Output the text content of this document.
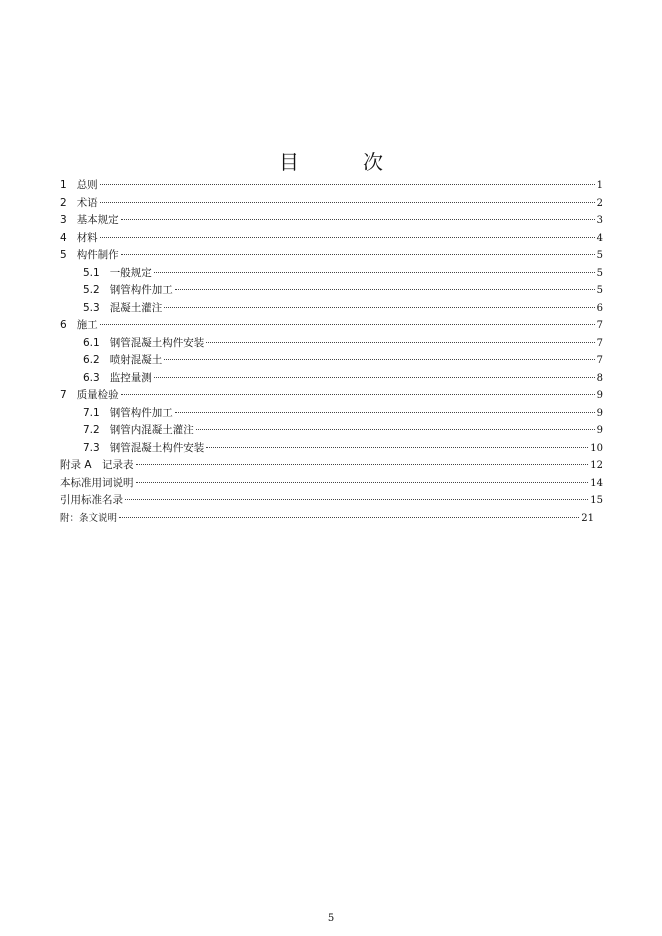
目　次
1 总则	1
2 术语	2
3 基本规定	3
4 材料	4
5 构件制作	5
5.1 一般规定	5
5.2 钢管构件加工	5
5.3 混凝土灌注	6
6 施工	7
6.1 钢管混凝土构件安装	7
6.2 喷射混凝土	7
6.3 监控量测	8
7 质量检验	9
7.1 钢管构件加工	9
7.2 钢管内混凝土灌注	9
7.3 钢管混凝土构件安装	10
附录 A　记录表	12
本标准用词说明	14
引用标准名录	15
附：条文说明	21
5
